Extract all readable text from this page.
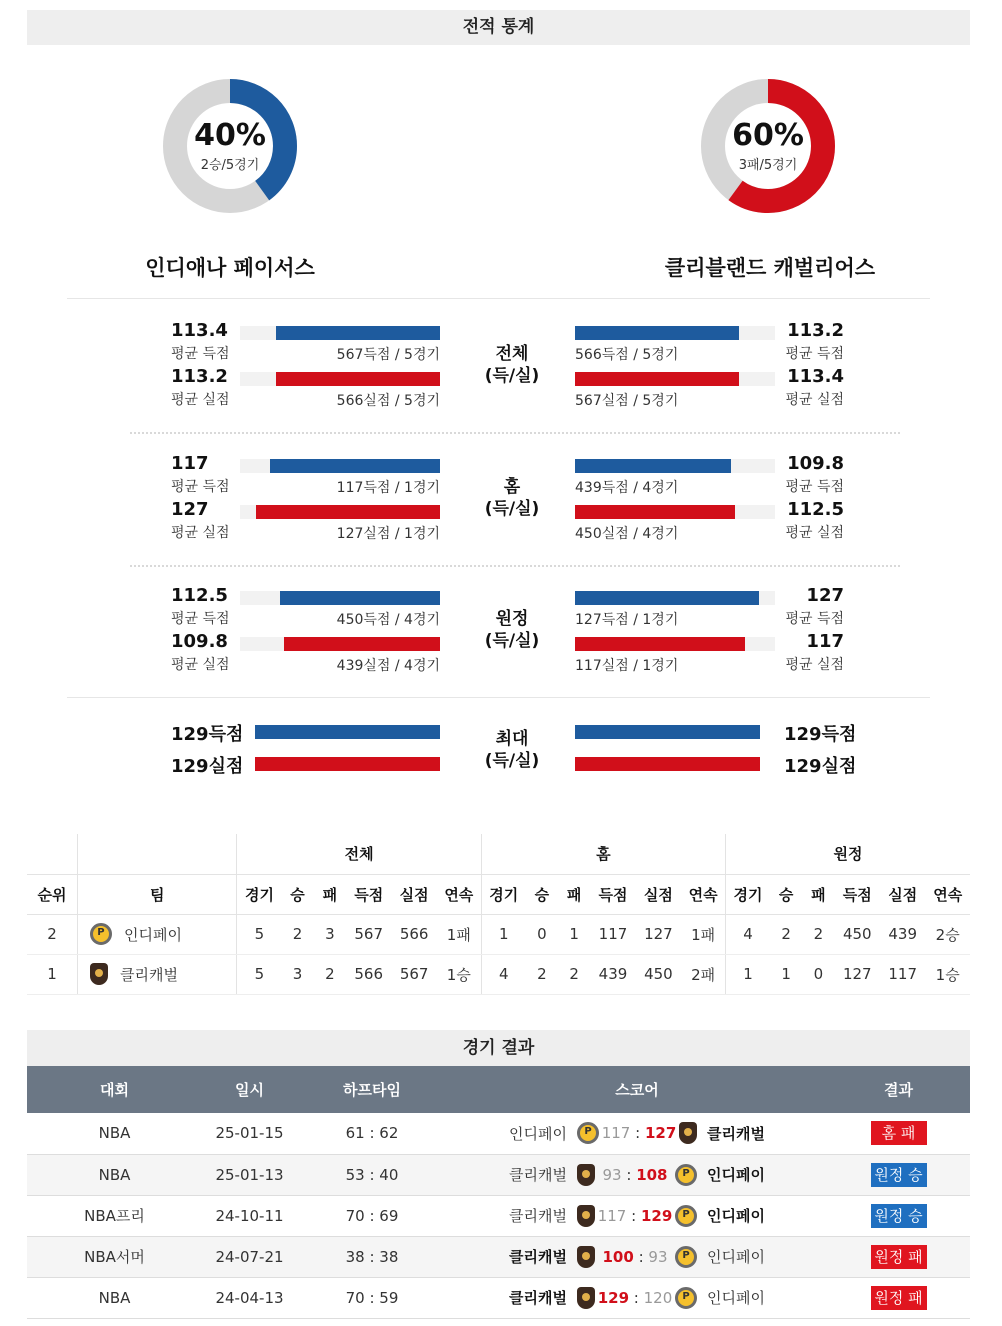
전적 통계
40%
2승/5경기
60%
3패/5경기
인디애나 페이서스	클리블랜드 캐벌리어스
113.4
평균 득점	567득점 / 5경기	566득점 / 5경기
113.2
평균 득점
113.2
평균 실점	566실점 / 5경기	567실점 / 5경기
113.4
평균 실점
전체
(득/실)
117
평균 득점	117득점 / 1경기	439득점 / 4경기
109.8
평균 득점
127
평균 실점	127실점 / 1경기	450실점 / 4경기
112.5
평균 실점
홈
(득/실)
112.5
평균 득점	450득점 / 4경기	127득점 / 1경기
127
평균 득점
109.8
평균 실점	439실점 / 4경기	117실점 / 1경기
117
평균 실점
원정
(득/실)
129득점
129실점
최대
(득/실)
129득점
129실점
		전체						홈						원정					
순위	팀	경기	승	패	득점	실점	연속	경기	승	패	득점	실점	연속	경기	승	패	득점	실점	연속
2	P인디페이	5	2	3	567	566	1패	1	0	1	117	127	1패	4	2	2	450	439	2승
1	클리캐벌	5	3	2	566	567	1승	4	2	2	439	450	2패	1	1	0	127	117	1승
경기 결과
대회	일시	하프타임	스코어	결과
NBA	25-01-15	61 : 62	인디페이 P 117 : 127 클리캐벌	홈 패
NBA	25-01-13	53 : 40	클리캐벌 93 : 108 P 인디페이	원정 승
NBA프리	24-10-11	70 : 69	클리캐벌 117 : 129 P 인디페이	원정 승
NBA서머	24-07-21	38 : 38	클리캐벌 100 : 93 P 인디페이	원정 패
NBA	24-04-13	70 : 59	클리캐벌 129 : 120 P 인디페이	원정 패
